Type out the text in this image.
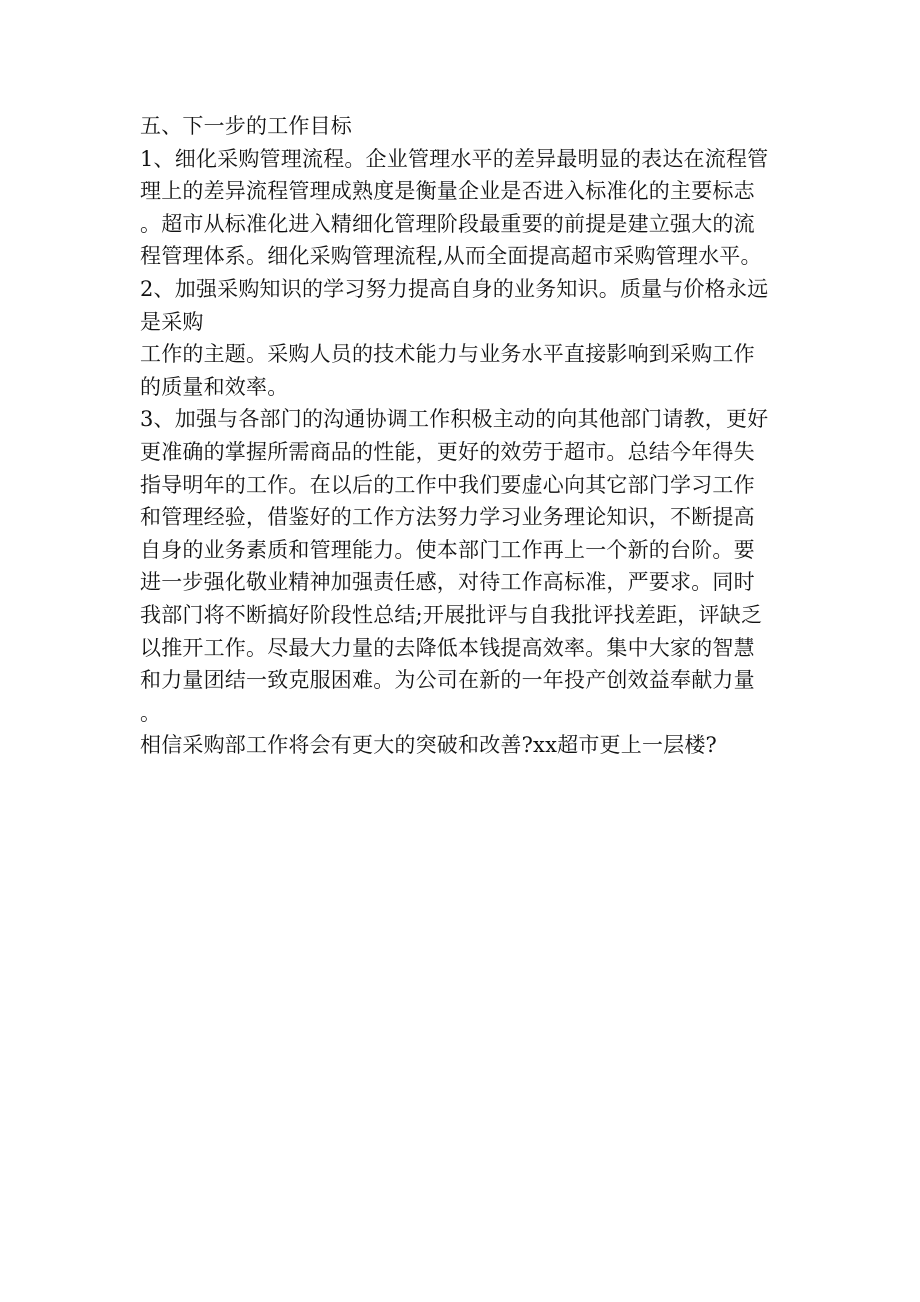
五、下一步的工作目标
1、细化采购管理流程。企业管理水平的差异最明显的表达在流程管
理上的差异流程管理成熟度是衡量企业是否进入标准化的主要标志
。超市从标准化进入精细化管理阶段最重要的前提是建立强大的流
程管理体系。细化采购管理流程,从而全面提高超市采购管理水平。
2、加强采购知识的学习努力提高自身的业务知识。质量与价格永远
是采购
工作的主题。采购人员的技术能力与业务水平直接影响到采购工作
的质量和效率。
3、加强与各部门的沟通协调工作积极主动的向其他部门请教，更好
更准确的掌握所需商品的性能，更好的效劳于超市。总结今年得失
指导明年的工作。在以后的工作中我们要虚心向其它部门学习工作
和管理经验，借鉴好的工作方法努力学习业务理论知识，不断提高
自身的业务素质和管理能力。使本部门工作再上一个新的台阶。要
进一步强化敬业精神加强责任感，对待工作高标准，严要求。同时
我部门将不断搞好阶段性总结;开展批评与自我批评找差距，评缺乏
以推开工作。尽最大力量的去降低本钱提高效率。集中大家的智慧
和力量团结一致克服困难。为公司在新的一年投产创效益奉献力量
。
相信采购部工作将会有更大的突破和改善?xx超市更上一层楼?
